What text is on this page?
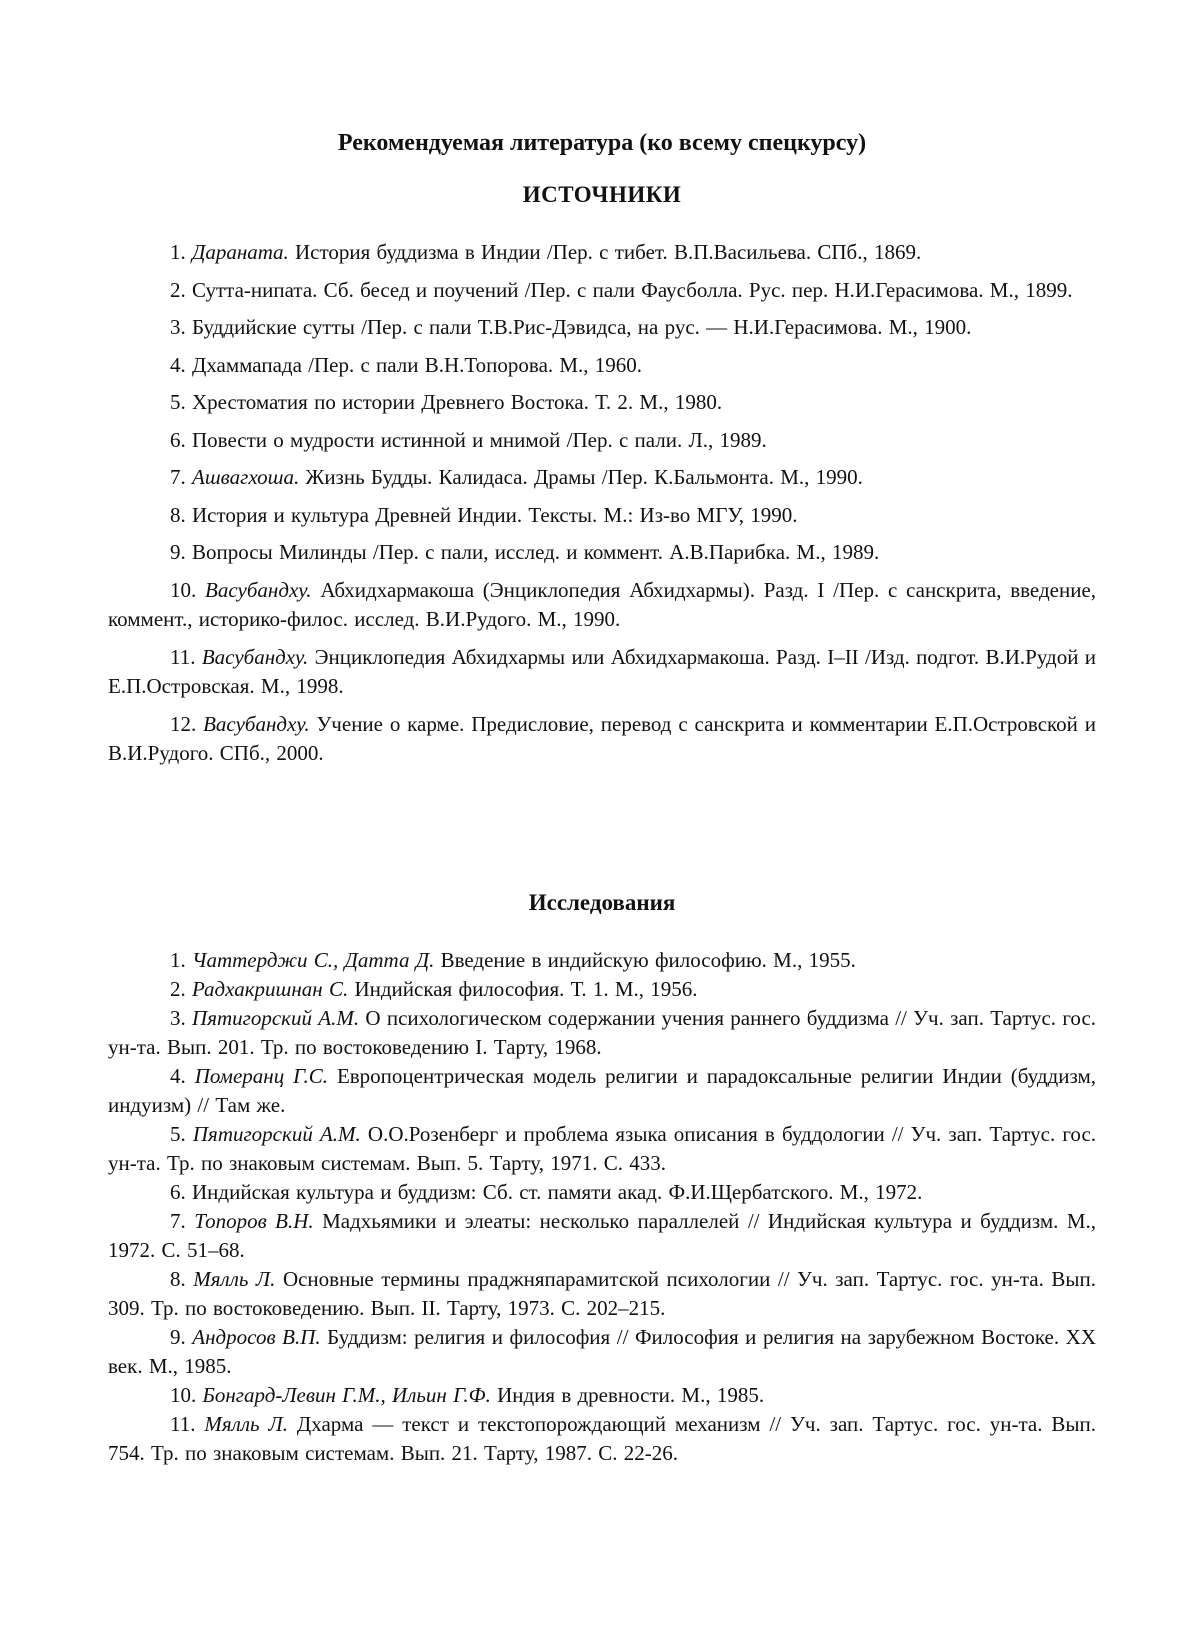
Рекомендуемая литература (ко всему спецкурсу)
ИСТОЧНИКИ
1. Даранатa. История буддизма в Индии /Пер. с тибет. В.П.Васильева. СПб., 1869.
2. Сутта-нипата. Сб. бесед и поучений /Пер. с пали Фаусболла. Рус. пер. Н.И.Герасимова. М., 1899.
3. Буддийские сутты /Пер. с пали Т.В.Рис-Дэвидса, на рус. — Н.И.Герасимова. М., 1900.
4. Дхаммапада /Пер. с пали В.Н.Топорова. М., 1960.
5. Хрестоматия по истории Древнего Востока. Т. 2. М., 1980.
6. Повести о мудрости истинной и мнимой /Пер. с пали. Л., 1989.
7. Ашвагхоша. Жизнь Будды. Калидаса. Драмы /Пер. К.Бальмонта. М., 1990.
8. История и культура Древней Индии. Тексты. М.: Из-во МГУ, 1990.
9. Вопросы Милинды /Пер. с пали, исслед. и коммент. А.В.Парибка. М., 1989.
10. Васубандху. Абхидхармакоша (Энциклопедия Абхидхармы). Разд. I /Пер. с санскрита, введение, коммент., историко-филос. исслед. В.И.Рудого. М., 1990.
11. Васубандху. Энциклопедия Абхидхармы или Абхидхармакоша. Разд. I–II /Изд. подгот. В.И.Рудой и Е.П.Островская. М., 1998.
12. Васубандху. Учение о карме. Предисловие, перевод с санскрита и комментарии Е.П.Островской и В.И.Рудого. СПб., 2000.
Исследования
1. Чаттерджи С., Датта Д. Введение в индийскую философию. М., 1955.
2. Радхакришнан С. Индийская философия. Т. 1. М., 1956.
3. Пятигорский А.М. О психологическом содержании учения раннего буддизма // Уч. зап. Тартус. гос. ун-та. Вып. 201. Тр. по востоковедению I. Тарту, 1968.
4. Померанц Г.С. Европоцентрическая модель религии и парадоксальные религии Индии (буддизм, индуизм) // Там же.
5. Пятигорский А.М. О.О.Розенберг и проблема языка описания в буддологии // Уч. зап. Тартус. гос. ун-та. Тр. по знаковым системам. Вып. 5. Тарту, 1971. С. 433.
6. Индийская культура и буддизм: Сб. ст. памяти акад. Ф.И.Щербатского. М., 1972.
7. Топоров В.Н. Мадхьямики и элеаты: несколько параллелей // Индийская культура и буддизм. М., 1972. С. 51–68.
8. Мялль Л. Основные термины праджняпарамитской психологии // Уч. зап. Тартус. гос. ун-та. Вып. 309. Тр. по востоковедению. Вып. II. Тарту, 1973. С. 202–215.
9. Андросов В.П. Буддизм: религия и философия // Философия и религия на зарубежном Востоке. XX век. М., 1985.
10. Бонгард-Левин Г.М., Ильин Г.Ф. Индия в древности. М., 1985.
11. Мялль Л. Дхарма — текст и текстопорождающий механизм // Уч. зап. Тартус. гос. ун-та. Вып. 754. Тр. по знаковым системам. Вып. 21. Тарту, 1987. С. 22-26.
